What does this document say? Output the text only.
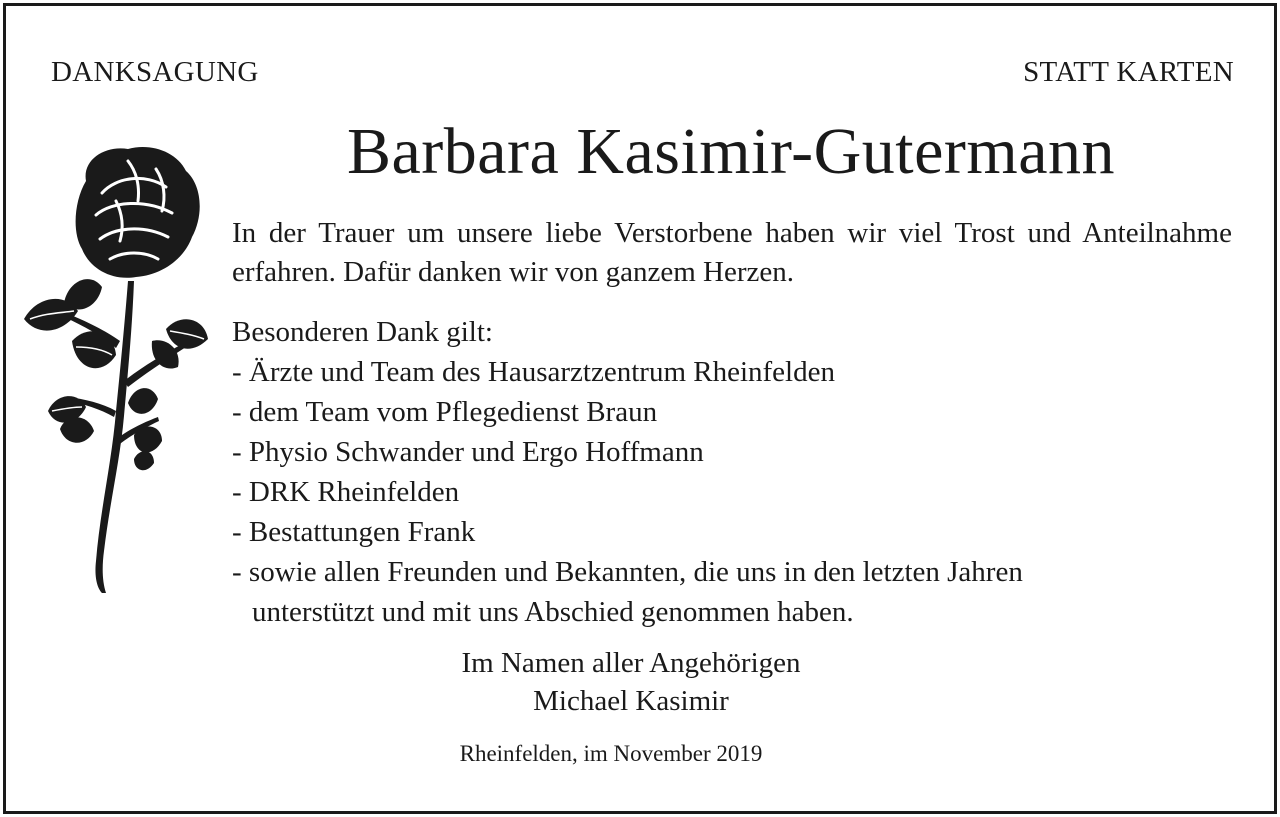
DANKSAGUNG	STATT KARTEN
Barbara Kasimir-Gutermann
In der Trauer um unsere liebe Verstorbene haben wir viel Trost und Anteilnahme erfahren. Dafür danken wir von ganzem Herzen.
Besonderen Dank gilt:
- Ärzte und Team des Hausarztzentrum Rheinfelden
- dem Team vom Pflegedienst Braun
- Physio Schwander und Ergo Hoffmann
- DRK Rheinfelden
- Bestattungen Frank
- sowie allen Freunden und Bekannten, die uns in den letzten Jahren
unterstützt und mit uns Abschied genommen haben.
Im Namen aller Angehörigen
Michael Kasimir
Rheinfelden, im November 2019
